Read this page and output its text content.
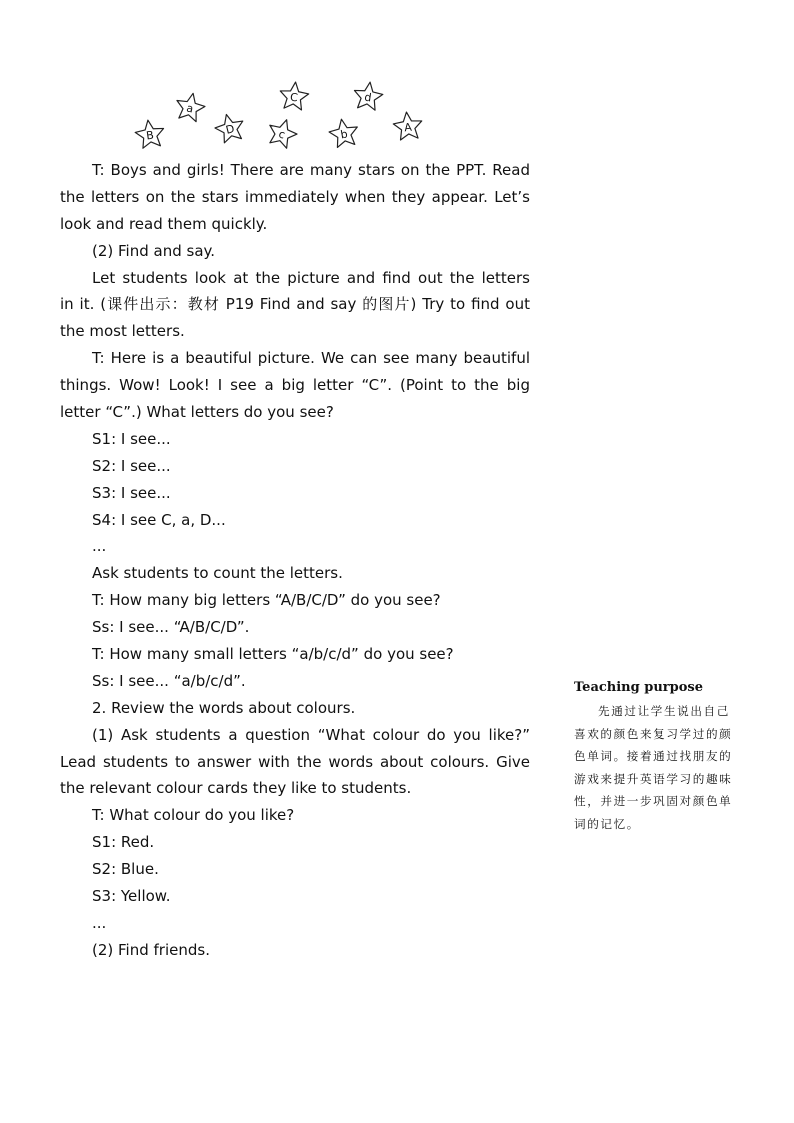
B
a
D
C
c	b
d
A
T: Boys and girls! There are many stars on the PPT. Read
the letters on the stars immediately when they appear. Let’s
look and read them quickly.
(2) Find and say.
Let students look at the picture and find out the letters
in it. (课件出示：教材 P19 Find and say 的图片) Try to find out
the most letters.
T: Here is a beautiful picture. We can see many beautiful
things. Wow! Look! I see a big letter “C”. (Point to the big
letter “C”.) What letters do you see?
S1: I see...
S2: I see...
S3: I see...
S4: I see C, a, D...
...
Ask students to count the letters.
T: How many big letters “A/B/C/D” do you see?
Ss: I see... “A/B/C/D”.
T: How many small letters “a/b/c/d” do you see?
Ss: I see... “a/b/c/d”.
2. Review the words about colours.
(1) Ask students a question “What colour do you like?”
Lead students to answer with the words about colours. Give
the relevant colour cards they like to students.
T: What colour do you like?
S1: Red.
S2: Blue.
S3: Yellow.
...
(2) Find friends.
Teaching purpose
先通过让学生说出自己喜欢的颜色来复习学过的颜色单词。接着通过找朋友的游戏来提升英语学习的趣味性，并进一步巩固对颜色单词的记忆。
